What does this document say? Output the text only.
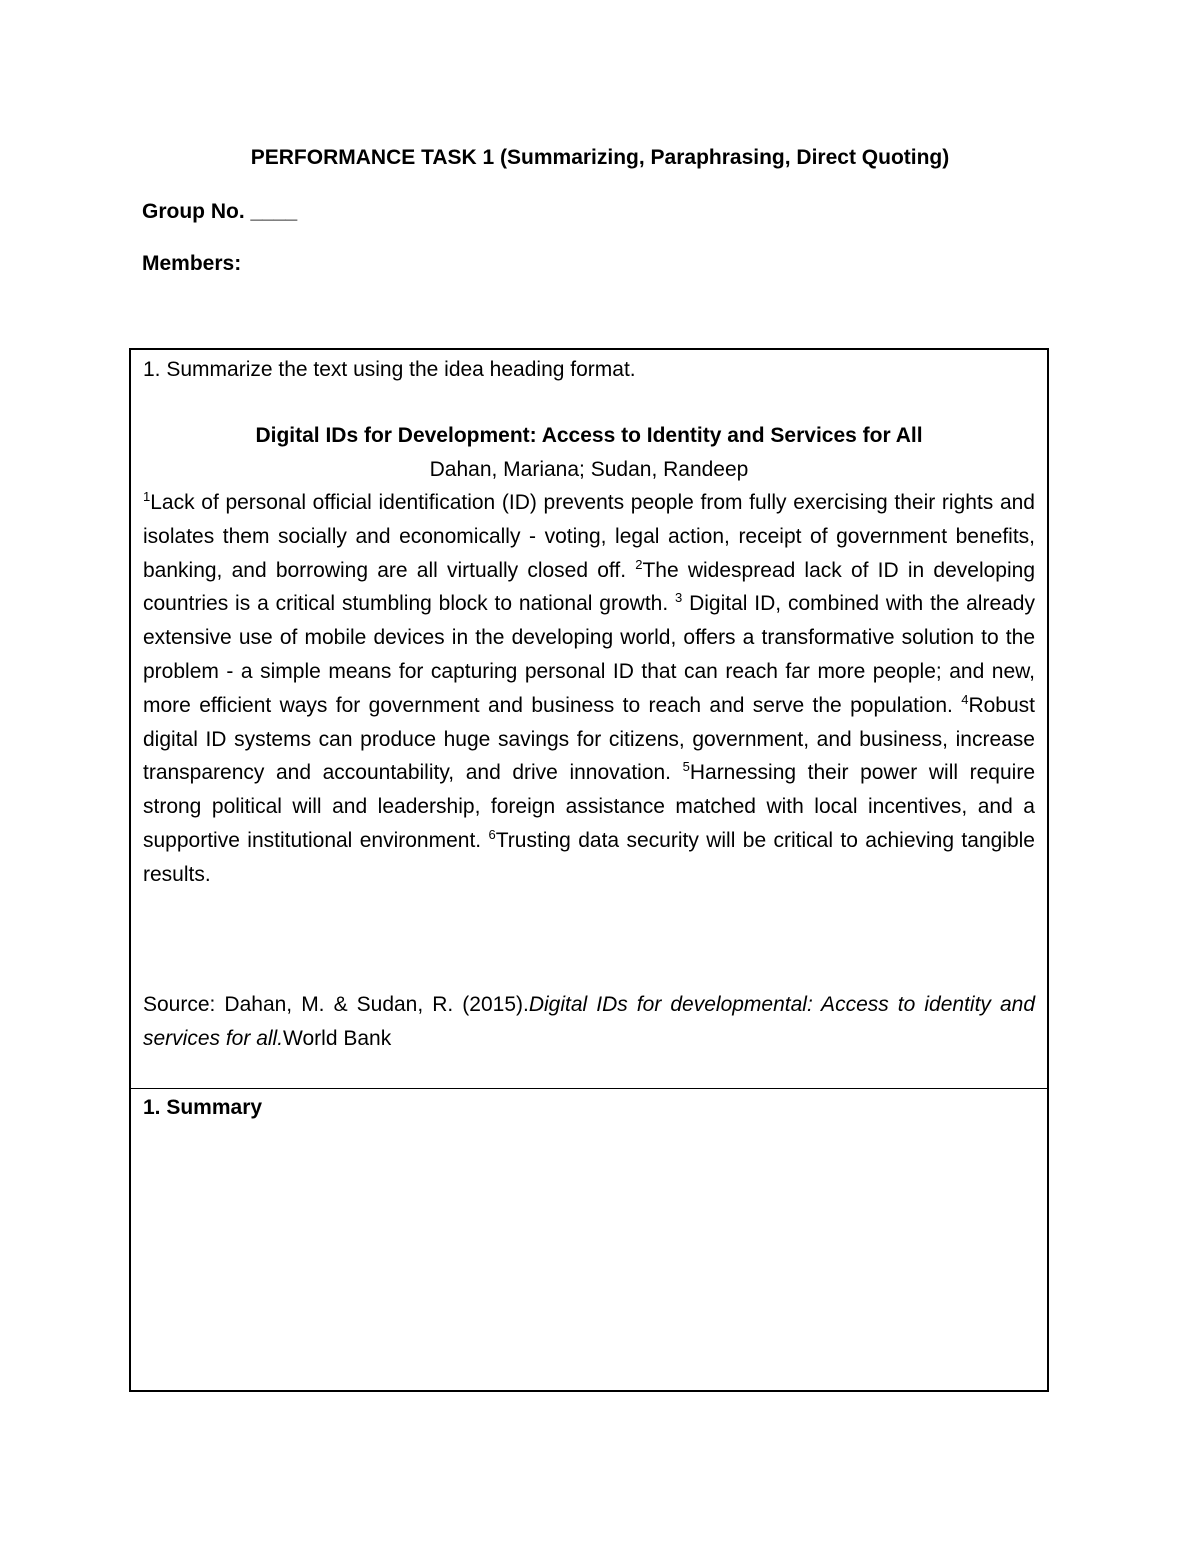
PERFORMANCE TASK 1 (Summarizing, Paraphrasing, Direct Quoting)
Group No. ____
Members:
1. Summarize the text using the idea heading format.
Digital IDs for Development: Access to Identity and Services for All
Dahan, Mariana; Sudan, Randeep

$^1$Lack of personal official identification (ID) prevents people from fully exercising their rights and isolates them socially and economically - voting, legal action, receipt of government benefits, banking, and borrowing are all virtually closed off. $^2$The widespread lack of ID in developing countries is a critical stumbling block to national growth. $^3$ Digital ID, combined with the already extensive use of mobile devices in the developing world, offers a transformative solution to the problem - a simple means for capturing personal ID that can reach far more people; and new, more efficient ways for government and business to reach and serve the population. $^4$Robust digital ID systems can produce huge savings for citizens, government, and business, increase transparency and accountability, and drive innovation. $^5$Harnessing their power will require strong political will and leadership, foreign assistance matched with local incentives, and a supportive institutional environment. $^6$Trusting data security will be critical to achieving tangible results.

Source: Dahan, M. & Sudan, R. (2015).Digital IDs for developmental: Access to identity and services for all.World Bank

1. Summary
